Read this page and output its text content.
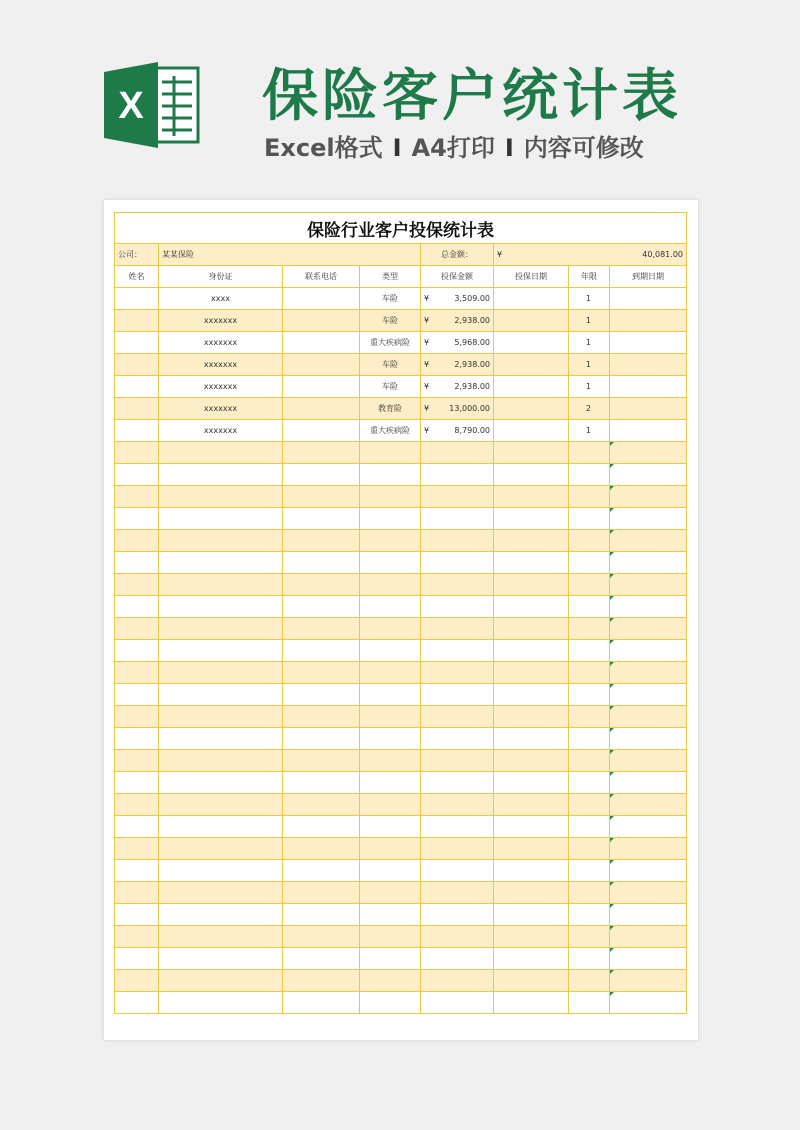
X 保险客户统计表
Excel格式 I A4打印 I 内容可修改
保险行业客户投保统计表							
公司：	某某保险			总金额：	¥ 40,081.00		

姓名	身份证	联系电话	类型	投保金额	投保日期	年限	到期日期
	xxxx		车险	¥ 3,509.00		1	
	xxxxxxx		车险	¥ 2,938.00		1	
	xxxxxxx		重大疾病险	¥ 5,968.00		1	
	xxxxxxx		车险	¥ 2,938.00		1	
	xxxxxxx		车险	¥ 2,938.00		1	
	xxxxxxx		教育险	¥ 13,000.00		2	
	xxxxxxx		重大疾病险	¥ 8,790.00		1	
